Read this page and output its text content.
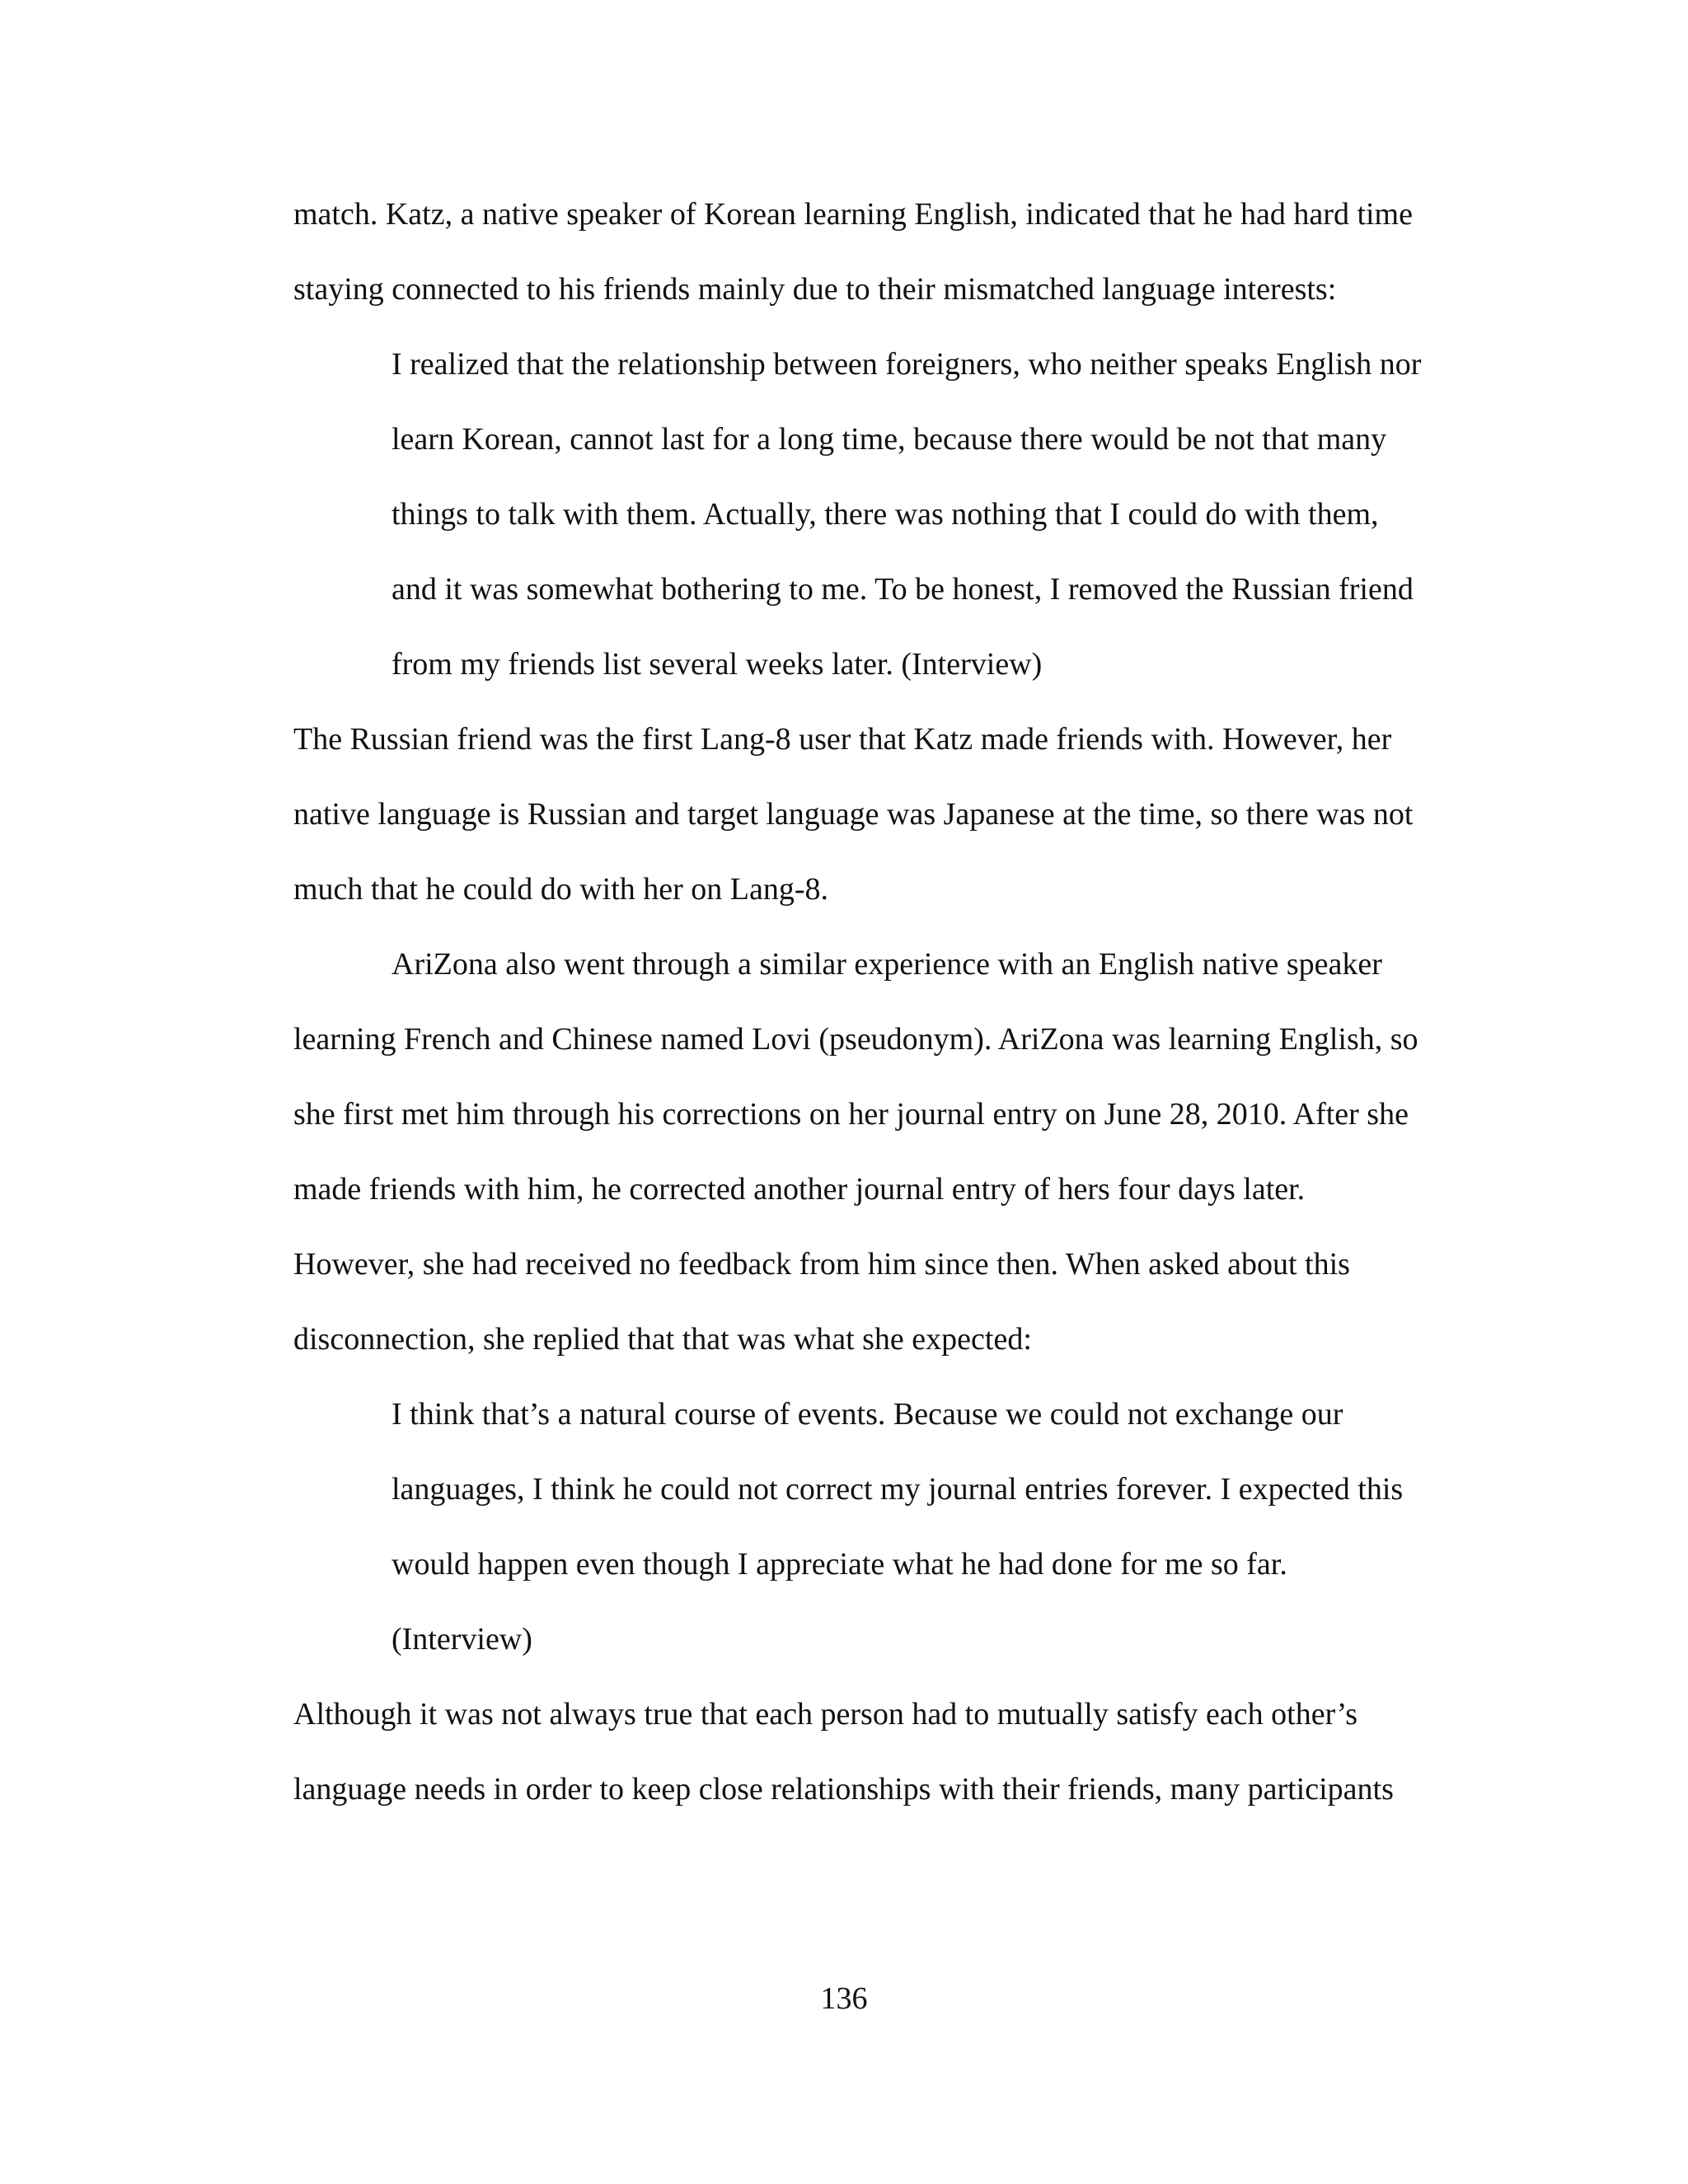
match. Katz, a native speaker of Korean learning English, indicated that he had hard time

staying connected to his friends mainly due to their mismatched language interests:

I realized that the relationship between foreigners, who neither speaks English nor

learn Korean, cannot last for a long time, because there would be not that many

things to talk with them. Actually, there was nothing that I could do with them,

and it was somewhat bothering to me. To be honest, I removed the Russian friend

from my friends list several weeks later. (Interview)

The Russian friend was the first Lang-8 user that Katz made friends with. However, her

native language is Russian and target language was Japanese at the time, so there was not

much that he could do with her on Lang-8.

AriZona also went through a similar experience with an English native speaker

learning French and Chinese named Lovi (pseudonym). AriZona was learning English, so

she first met him through his corrections on her journal entry on June 28, 2010. After she

made friends with him, he corrected another journal entry of hers four days later.

However, she had received no feedback from him since then. When asked about this

disconnection, she replied that that was what she expected:

I think that’s a natural course of events. Because we could not exchange our

languages, I think he could not correct my journal entries forever. I expected this

would happen even though I appreciate what he had done for me so far.

(Interview)

Although it was not always true that each person had to mutually satisfy each other’s

language needs in order to keep close relationships with their friends, many participants

136
